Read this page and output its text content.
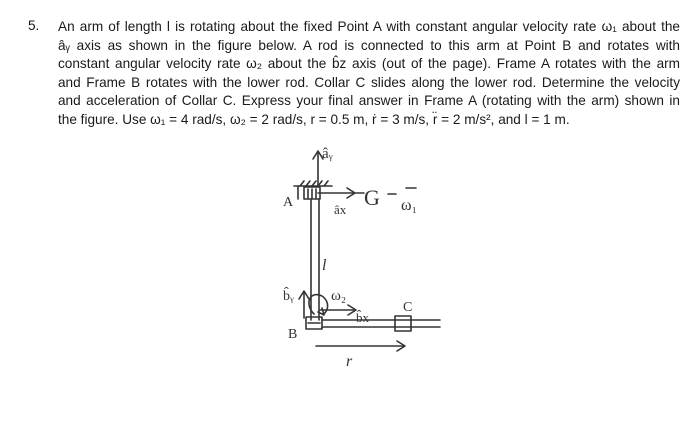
5. An arm of length l is rotating about the fixed Point A with constant angular velocity rate ω₁ about the
âᵧ axis as shown in the figure below. A rod is connected to this arm at Point B and rotates with
constant angular velocity rate ω₂ about the b̂z axis (out of the page). Frame A rotates with the arm
and Frame B rotates with the lower rod. Collar C slides along the lower rod. Determine the velocity
and acceleration of Collar C. Express your final answer in Frame A (rotating with the arm) shown in
the figure. Use ω₁ = 4 rad/s, ω₂ = 2 rad/s, r = 0.5 m, ṙ = 3 m/s, r̈ = 2 m/s², and l = 1 m.
âᵧ
A	âx G ω₁
l
b̂ᵧ ω₂
b̂x
B
C
r
